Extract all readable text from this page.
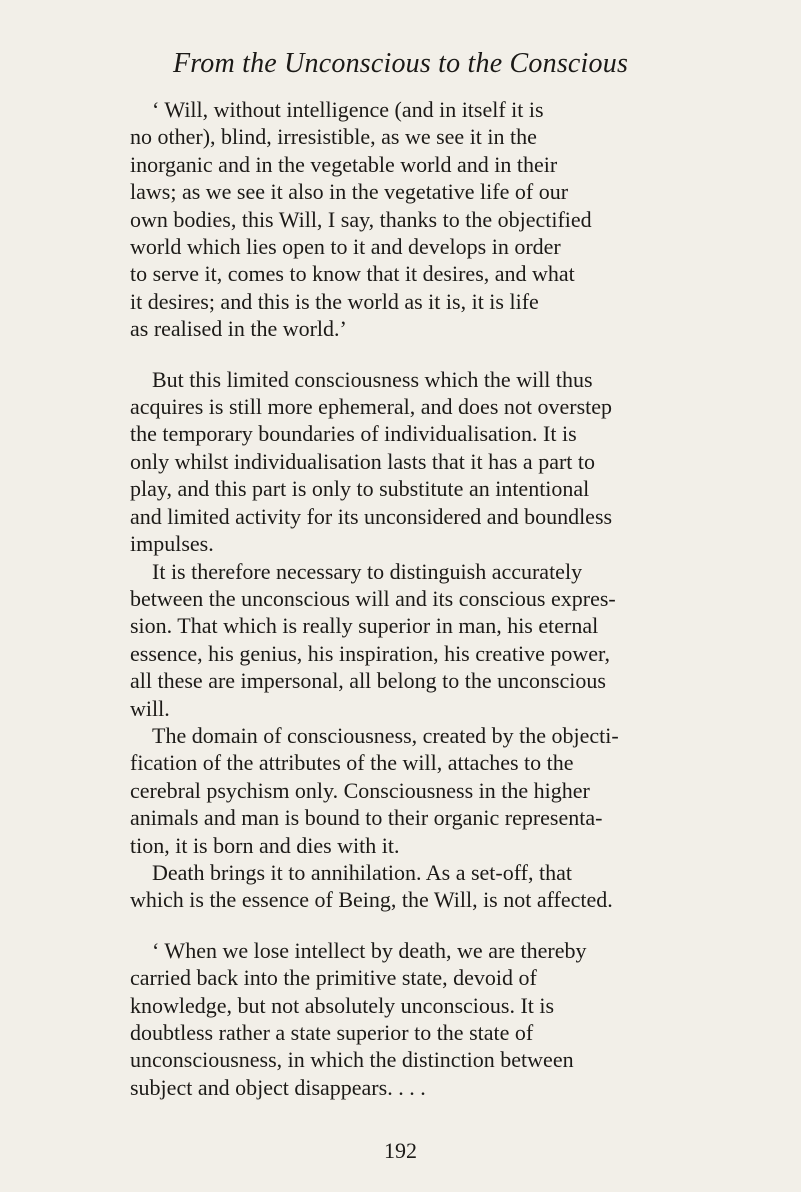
From the Unconscious to the Conscious
‘ Will, without intelligence (and in itself it is
no other), blind, irresistible, as we see it in the
inorganic and in the vegetable world and in their
laws; as we see it also in the vegetative life of our
own bodies, this Will, I say, thanks to the objectified
world which lies open to it and develops in order
to serve it, comes to know that it desires, and what
it desires; and this is the world as it is, it is life
as realised in the world.’
But this limited consciousness which the will thus
acquires is still more ephemeral, and does not overstep
the temporary boundaries of individualisation. It is
only whilst individualisation lasts that it has a part to
play, and this part is only to substitute an intentional
and limited activity for its unconsidered and boundless
impulses.
It is therefore necessary to distinguish accurately
between the unconscious will and its conscious expres-
sion. That which is really superior in man, his eternal
essence, his genius, his inspiration, his creative power,
all these are impersonal, all belong to the unconscious
will.
The domain of consciousness, created by the objecti-
fication of the attributes of the will, attaches to the
cerebral psychism only. Consciousness in the higher
animals and man is bound to their organic representa-
tion, it is born and dies with it.
Death brings it to annihilation. As a set-off, that
which is the essence of Being, the Will, is not affected.
‘ When we lose intellect by death, we are thereby
carried back into the primitive state, devoid of
knowledge, but not absolutely unconscious. It is
doubtless rather a state superior to the state of
unconsciousness, in which the distinction between
subject and object disappears. . . .
192
